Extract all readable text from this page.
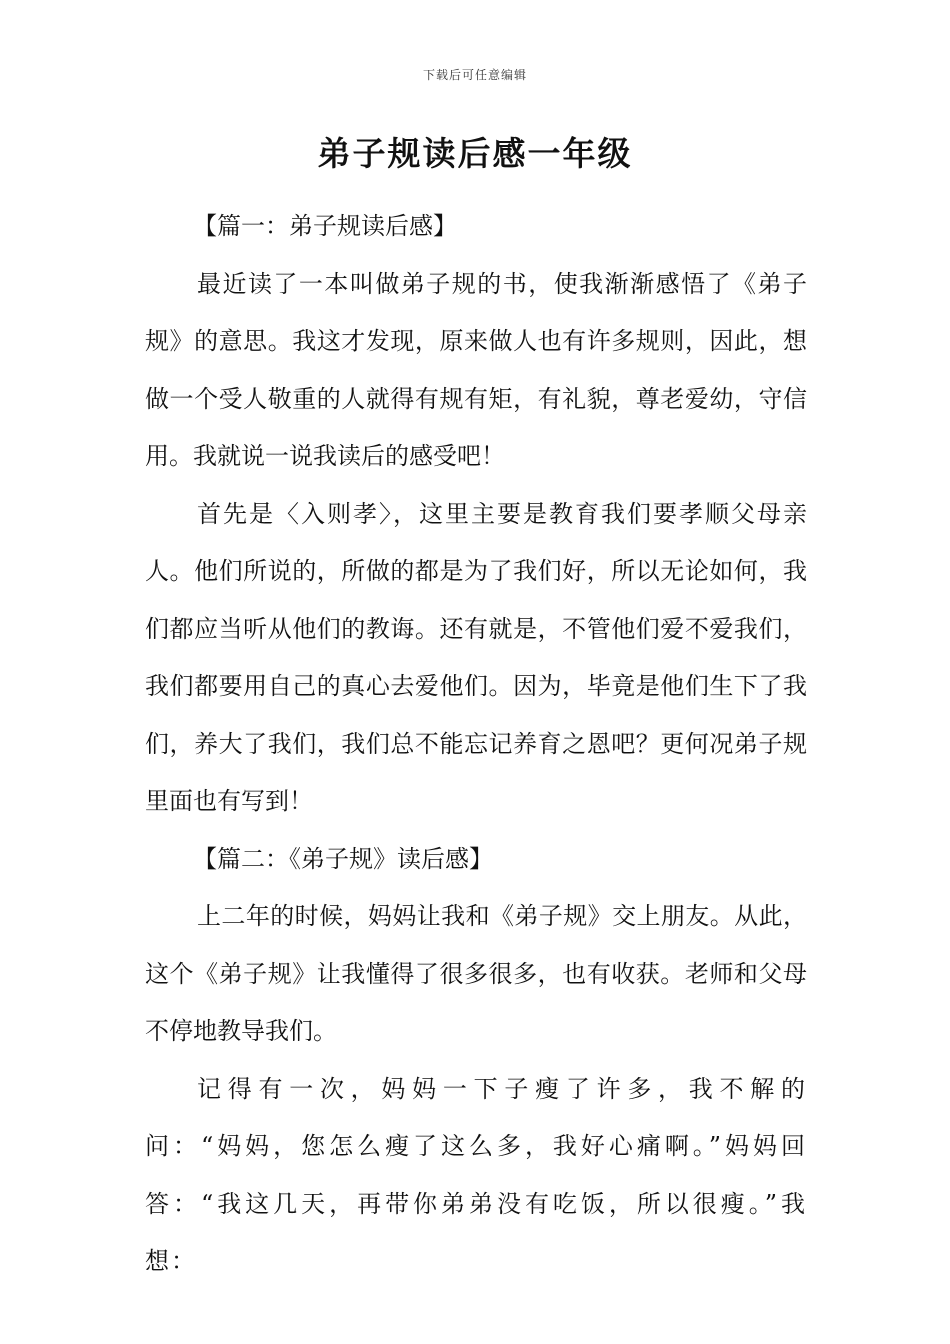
下载后可任意编辑
弟子规读后感一年级

【篇一：弟子规读后感】

最近读了一本叫做弟子规的书，使我渐渐感悟了《弟子规》的意思。我这才发现，原来做人也有许多规则，因此，想做一个受人敬重的人就得有规有矩，有礼貌，尊老爱幼，守信用。我就说一说我读后的感受吧！

首先是〈入则孝〉，这里主要是教育我们要孝顺父母亲人。他们所说的，所做的都是为了我们好，所以无论如何，我们都应当听从他们的教诲。还有就是，不管他们爱不爱我们，我们都要用自己的真心去爱他们。因为，毕竟是他们生下了我们，养大了我们，我们总不能忘记养育之恩吧？更何况弟子规里面也有写到！

【篇二：《弟子规》读后感】

上二年的时候，妈妈让我和《弟子规》交上朋友。从此，这个《弟子规》让我懂得了很多很多，也有收获。老师和父母不停地教导我们。

记得有一次，妈妈一下子瘦了许多，我不解的问：“妈妈，您怎么瘦了这么多，我好心痛啊。”妈妈回答：“我这几天，再带你弟弟没有吃饭，所以很瘦。”我想：
